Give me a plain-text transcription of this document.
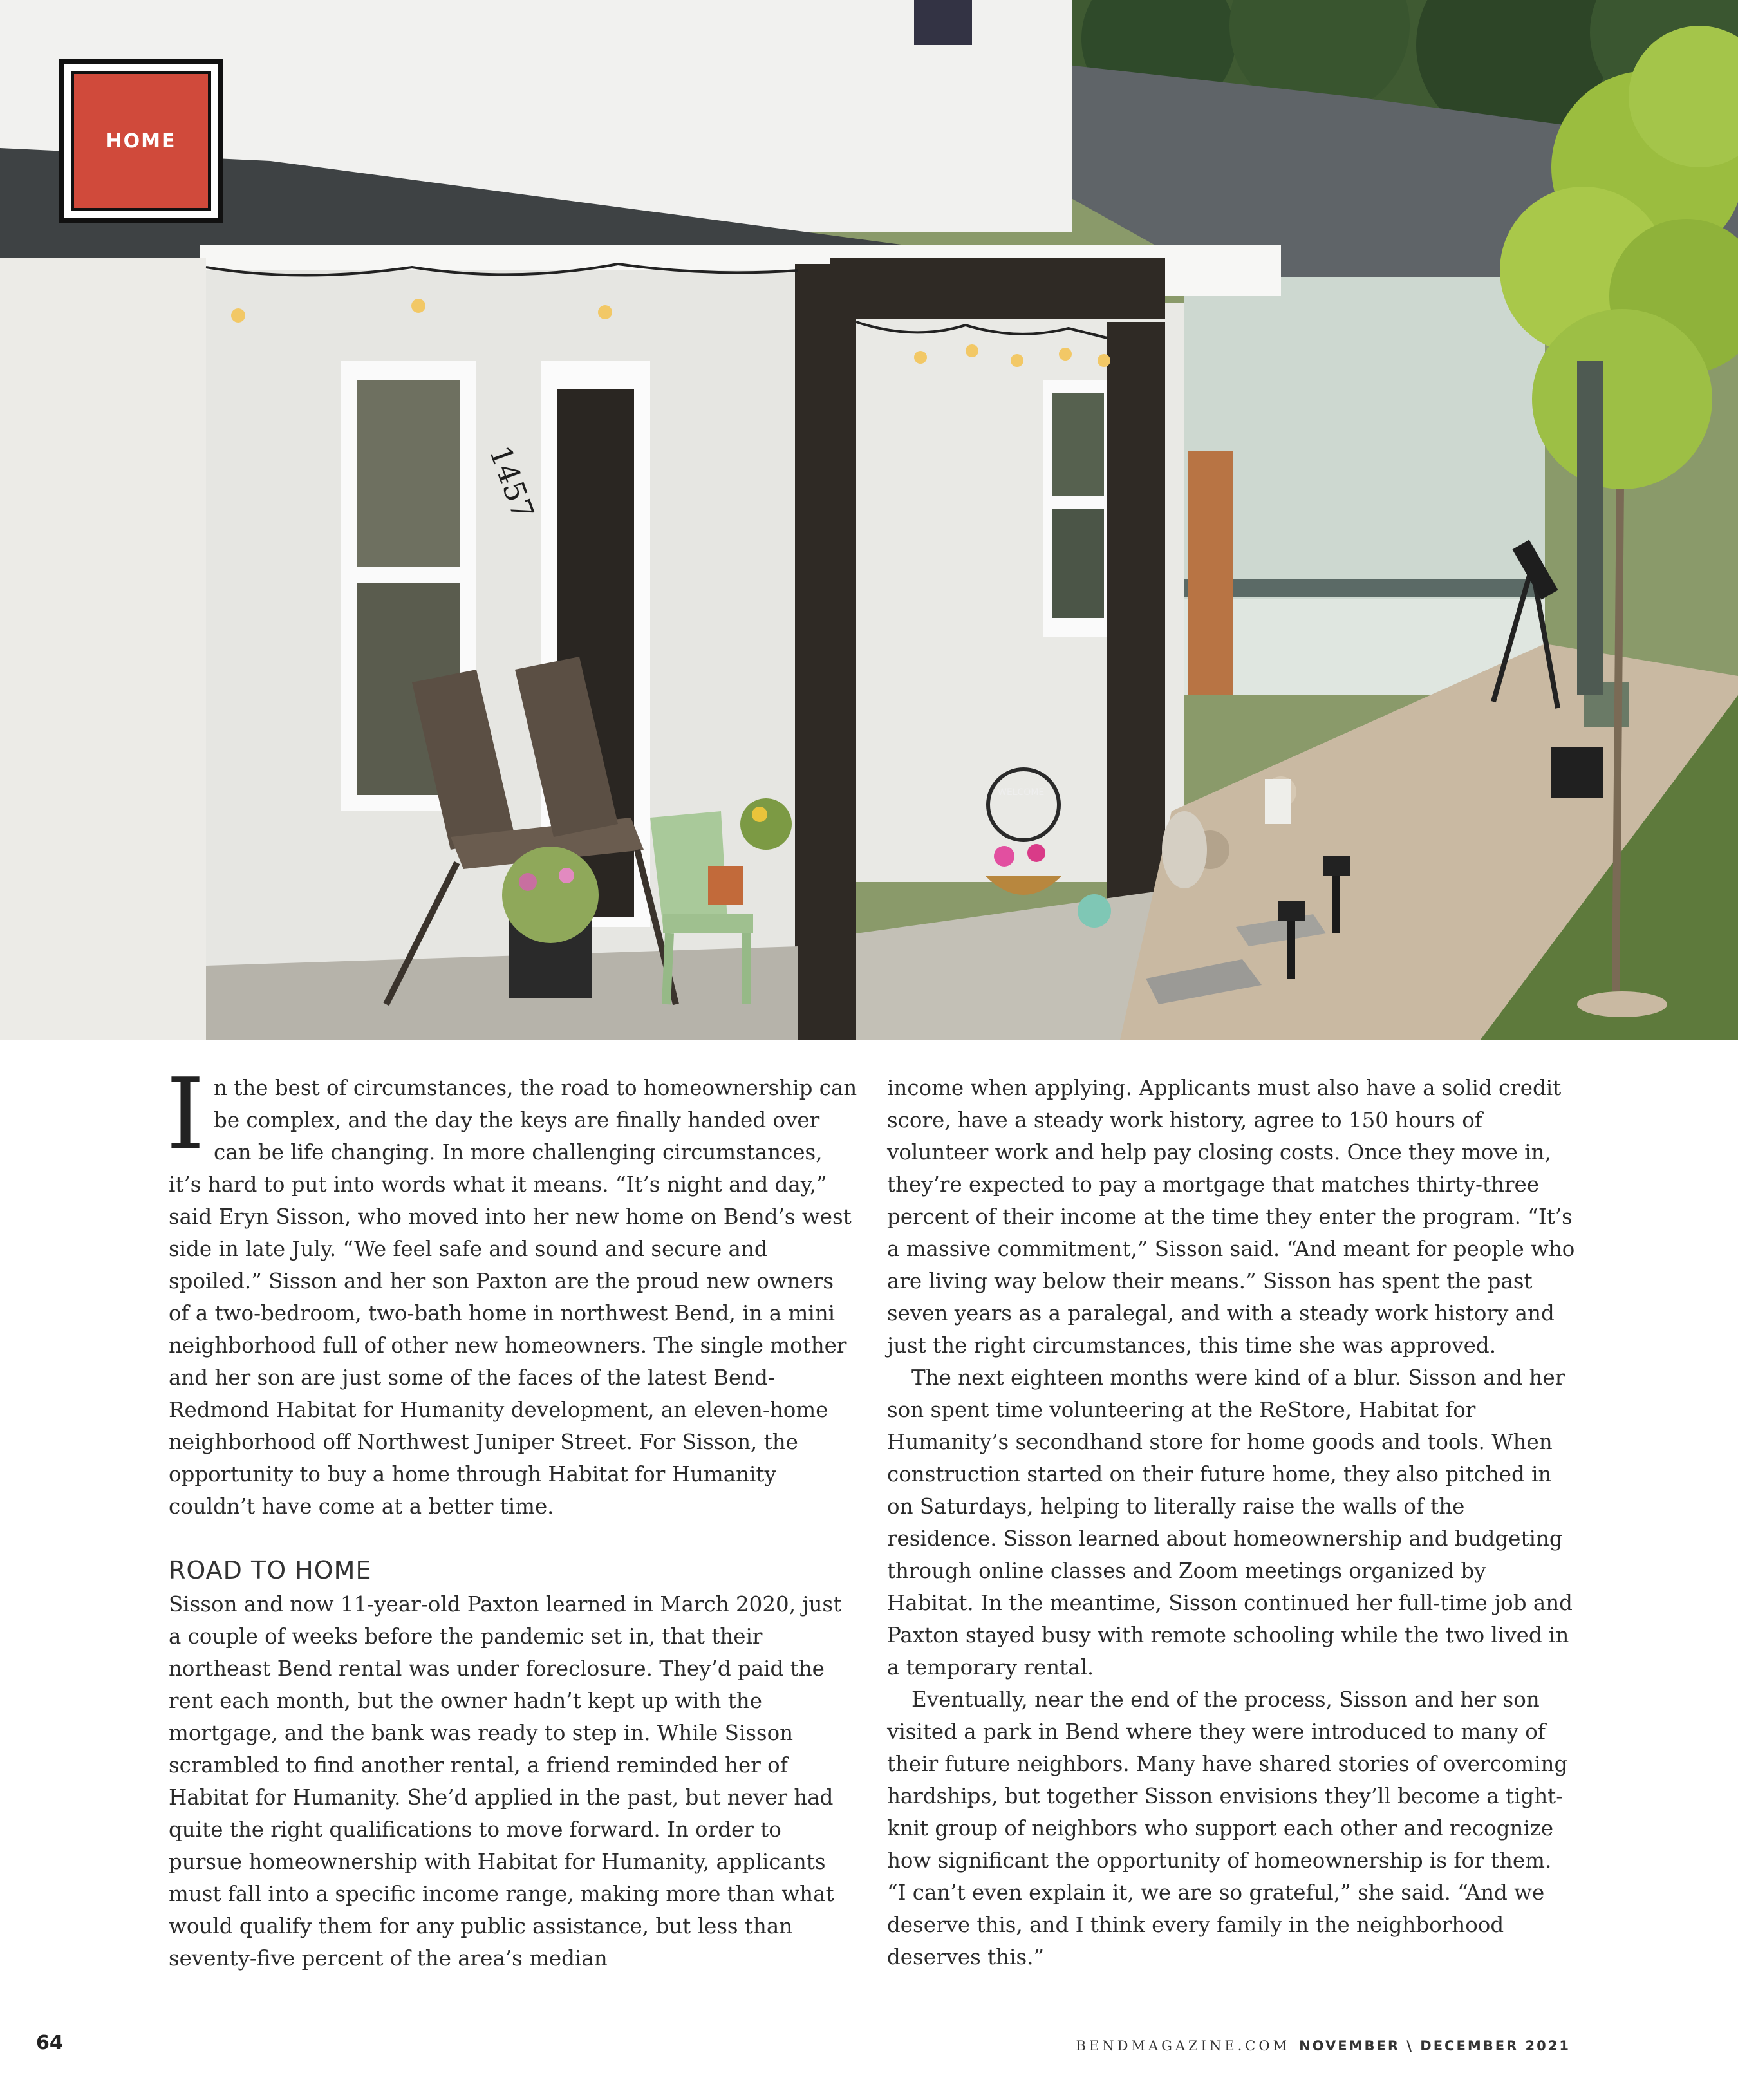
1457
WELCOME
HOME

In the best of circumstances, the road to homeownership can be complex, and the day the keys are finally handed over can be life changing. In more challenging circumstances, it’s hard to put into words what it means. “It’s night and day,” said Eryn Sisson, who moved into her new home on Bend’s west side in late July. “We feel safe and sound and secure and spoiled.” Sisson and her son Paxton are the proud new owners of a two-bedroom, two-bath home in northwest Bend, in a mini neighborhood full of other new homeowners. The single mother and her son are just some of the faces of the latest Bend-Redmond Habitat for Humanity development, an eleven-home neighborhood off Northwest Juniper Street. For Sisson, the opportunity to buy a home through Habitat for Humanity couldn’t have come at a better time.

ROAD TO HOME

Sisson and now 11-year-old Paxton learned in March 2020, just a couple of weeks before the pandemic set in, that their northeast Bend rental was under foreclosure. They’d paid the rent each month, but the owner hadn’t kept up with the mortgage, and the bank was ready to step in. While Sisson scrambled to find another rental, a friend reminded her of Habitat for Humanity. She’d applied in the past, but never had quite the right qualifications to move forward. In order to pursue homeownership with Habitat for Humanity, applicants must fall into a specific income range, making more than what would qualify them for any public assistance, but less than seventy-five percent of the area’s median

income when applying. Applicants must also have a solid credit score, have a steady work history, agree to 150 hours of volunteer work and help pay closing costs. Once they move in, they’re expected to pay a mortgage that matches thirty-three percent of their income at the time they enter the program. “It’s a massive commitment,” Sisson said. “And meant for people who are living way below their means.” Sisson has spent the past seven years as a paralegal, and with a steady work history and just the right circumstances, this time she was approved.

The next eighteen months were kind of a blur. Sisson and her son spent time volunteering at the ReStore, Habitat for Humanity’s secondhand store for home goods and tools. When construction started on their future home, they also pitched in on Saturdays, helping to literally raise the walls of the residence. Sisson learned about homeownership and budgeting through online classes and Zoom meetings organized by Habitat. In the meantime, Sisson continued her full-time job and Paxton stayed busy with remote schooling while the two lived in a temporary rental.

Eventually, near the end of the process, Sisson and her son visited a park in Bend where they were introduced to many of their future neighbors. Many have shared stories of overcoming hardships, but together Sisson envisions they’ll become a tight-knit group of neighbors who support each other and recognize how significant the opportunity of homeownership is for them. “I can’t even explain it, we are so grateful,” she said. “And we deserve this, and I think every family in the neighborhood deserves this.”

64	BENDMAGAZINE.COM NOVEMBER \ DECEMBER 2021
